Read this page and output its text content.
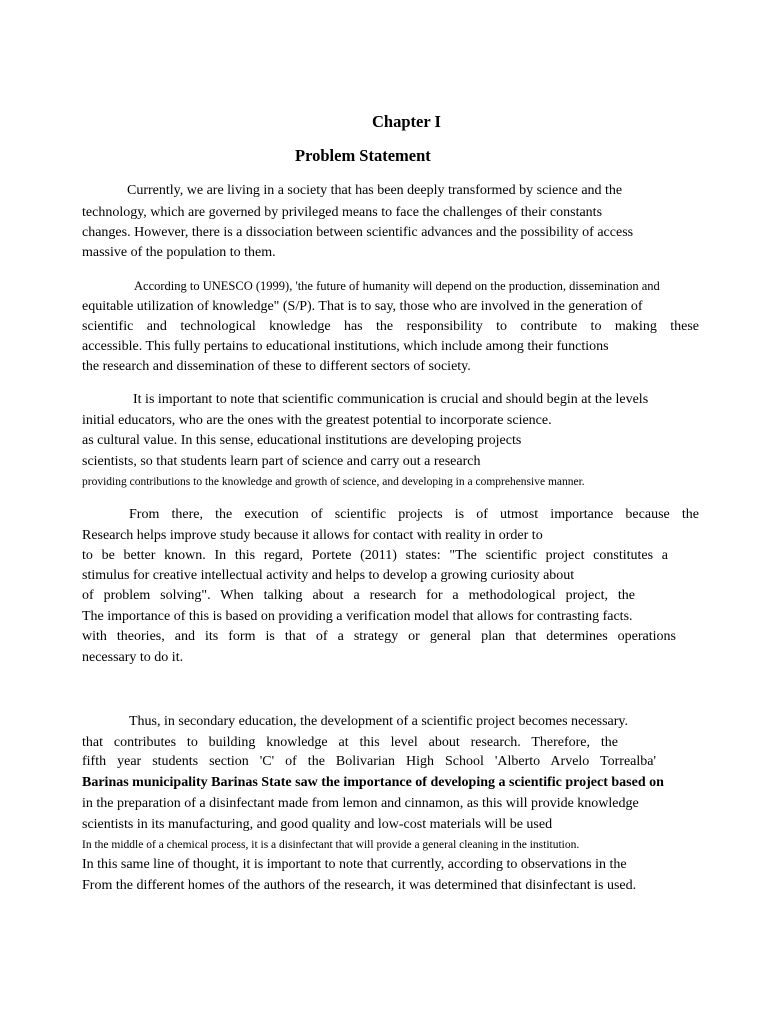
Chapter I
Problem Statement

Currently, we are living in a society that has been deeply transformed by science and the

technology, which are governed by privileged means to face the challenges of their constants

changes. However, there is a dissociation between scientific advances and the possibility of access

massive of the population to them.

According to UNESCO (1999), 'the future of humanity will depend on the production, dissemination and

equitable utilization of knowledge" (S/P). That is to say, those who are involved in the generation of

scientific and technological knowledge has the responsibility to contribute to making these

accessible. This fully pertains to educational institutions, which include among their functions

the research and dissemination of these to different sectors of society.

It is important to note that scientific communication is crucial and should begin at the levels

initial educators, who are the ones with the greatest potential to incorporate science.

as cultural value. In this sense, educational institutions are developing projects

scientists, so that students learn part of science and carry out a research

providing contributions to the knowledge and growth of science, and developing in a comprehensive manner.

From there, the execution of scientific projects is of utmost importance because the

Research helps improve study because it allows for contact with reality in order to

to be better known. In this regard, Portete (2011) states: "The scientific project constitutes a

stimulus for creative intellectual activity and helps to develop a growing curiosity about

of problem solving". When talking about a research for a methodological project, the

The importance of this is based on providing a verification model that allows for contrasting facts.

with theories, and its form is that of a strategy or general plan that determines operations

necessary to do it.

Thus, in secondary education, the development of a scientific project becomes necessary.

that contributes to building knowledge at this level about research. Therefore, the

fifth year students section 'C' of the Bolivarian High School 'Alberto Arvelo Torrealba'

Barinas municipality Barinas State saw the importance of developing a scientific project based on

in the preparation of a disinfectant made from lemon and cinnamon, as this will provide knowledge

scientists in its manufacturing, and good quality and low-cost materials will be used

In the middle of a chemical process, it is a disinfectant that will provide a general cleaning in the institution.

In this same line of thought, it is important to note that currently, according to observations in the

From the different homes of the authors of the research, it was determined that disinfectant is used.
